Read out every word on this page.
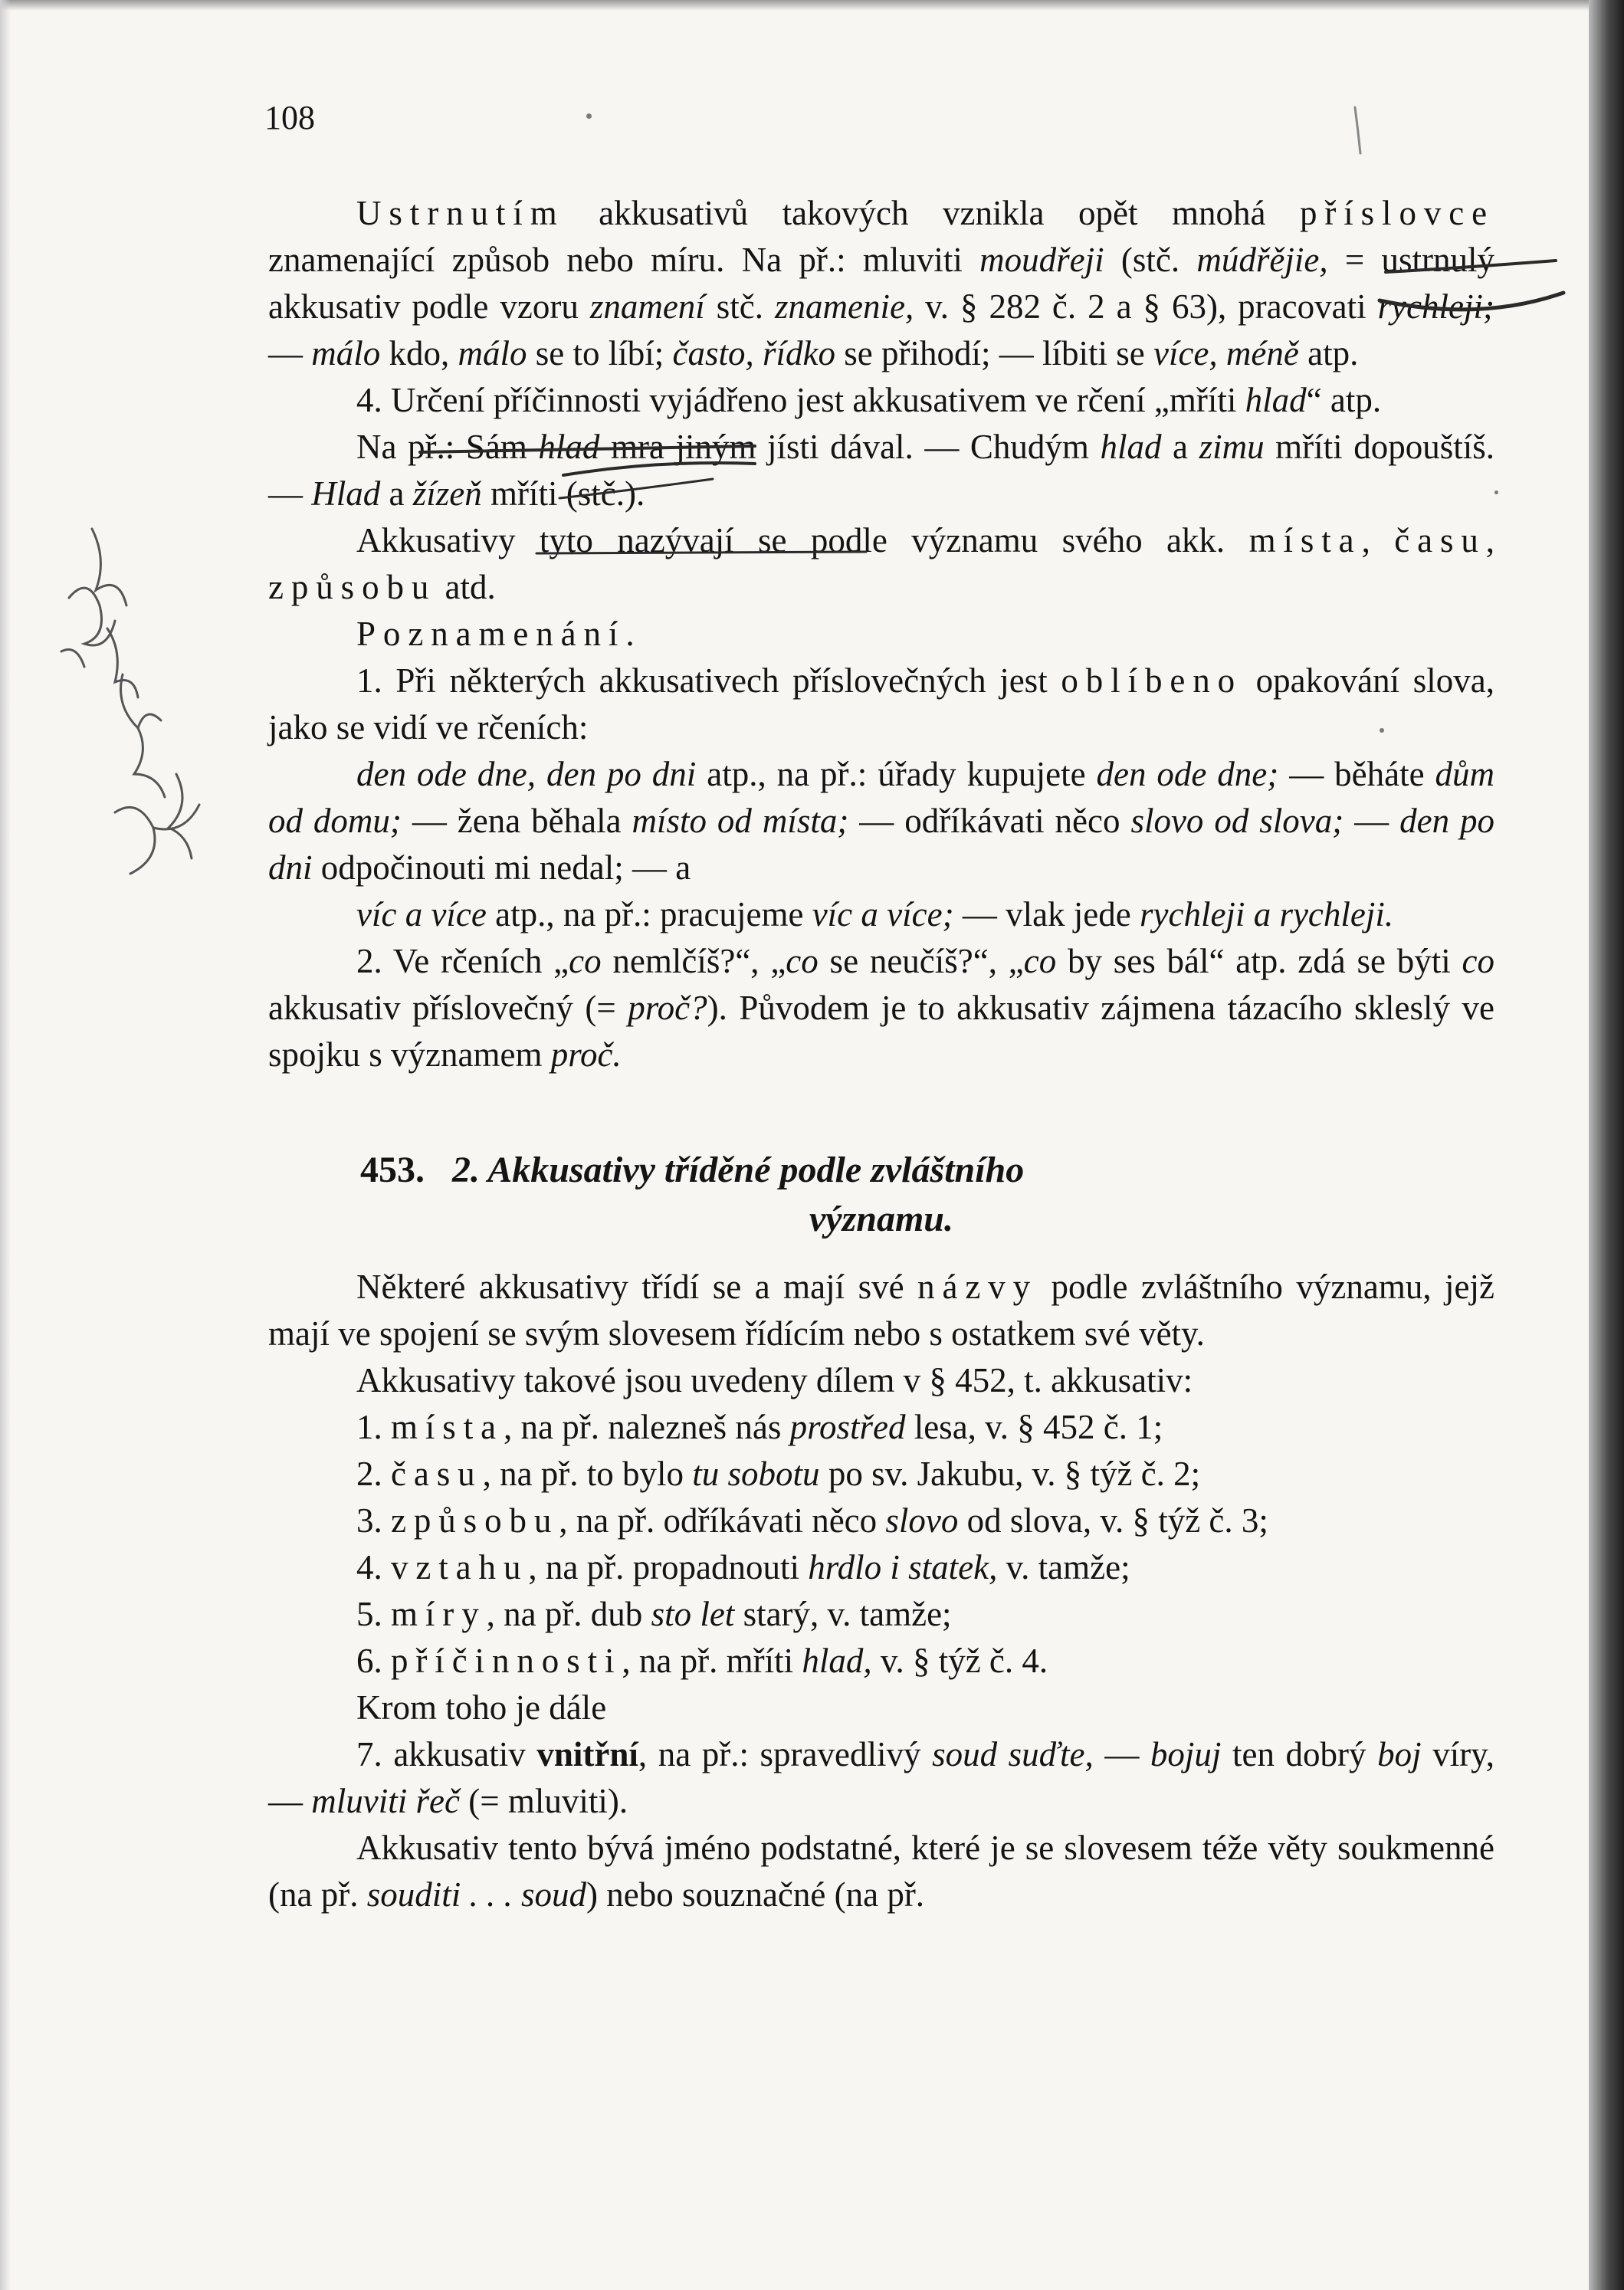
108

Ustrnutím akkusativů takových vznikla opět mnohá příslovce znamenající způsob nebo míru. Na př.: mluviti moudřeji (stč. múdřějie, = ustrnulý akkusativ podle vzoru znamení stč. znamenie, v. § 282 č. 2 a § 63), pracovati rychleji; — málo kdo, málo se to líbí; často, řídko se přihodí; — líbiti se více, méně atp.

4. Určení příčinnosti vyjádřeno jest akkusativem ve rčení „mříti hlad“ atp.

Na př.: Sám hlad mra jiným jísti dával. — Chudým hlad a zimu mříti dopouštíš. — Hlad a žízeň mříti (stč.).

Akkusativy tyto nazývají se podle významu svého akk. místa, času, způsobu atd.

Poznamenání.

1. Při některých akkusativech příslovečných jest oblíbeno opakování slova, jako se vidí ve rčeních:

den ode dne, den po dni atp., na př.: úřady kupujete den ode dne; — běháte dům od domu; — žena běhala místo od místa; — odříkávati něco slovo od slova; — den po dni odpočinouti mi nedal; — a

víc a více atp., na př.: pracujeme víc a více; — vlak jede rychleji a rychleji.

2. Ve rčeních „co nemlčíš?“, „co se neučíš?“, „co by ses bál“ atp. zdá se býti co akkusativ příslovečný (= proč?). Původem je to akkusativ zájmena tázacího skleslý ve spojku s významem proč.

453. 2. Akkusativy tříděné podle zvláštního
významu.

Některé akkusativy třídí se a mají své názvy podle zvláštního významu, jejž mají ve spojení se svým slovesem řídícím nebo s ostatkem své věty.

Akkusativy takové jsou uvedeny dílem v § 452, t. akkusativ:

1. místa, na př. nalezneš nás prostřed lesa, v. § 452 č. 1;

2. času, na př. to bylo tu sobotu po sv. Jakubu, v. § týž č. 2;

3. způsobu, na př. odříkávati něco slovo od slova, v. § týž č. 3;

4. vztahu, na př. propadnouti hrdlo i statek, v. tamže;

5. míry, na př. dub sto let starý, v. tamže;

6. příčinnosti, na př. mříti hlad, v. § týž č. 4.

Krom toho je dále

7. akkusativ vnitřní, na př.: spravedlivý soud suďte, — bojuj ten dobrý boj víry, — mluviti řeč (= mluviti).

Akkusativ tento bývá jméno podstatné, které je se slovesem téže věty soukmenné (na př. souditi . . . soud) nebo souznačné (na př.
